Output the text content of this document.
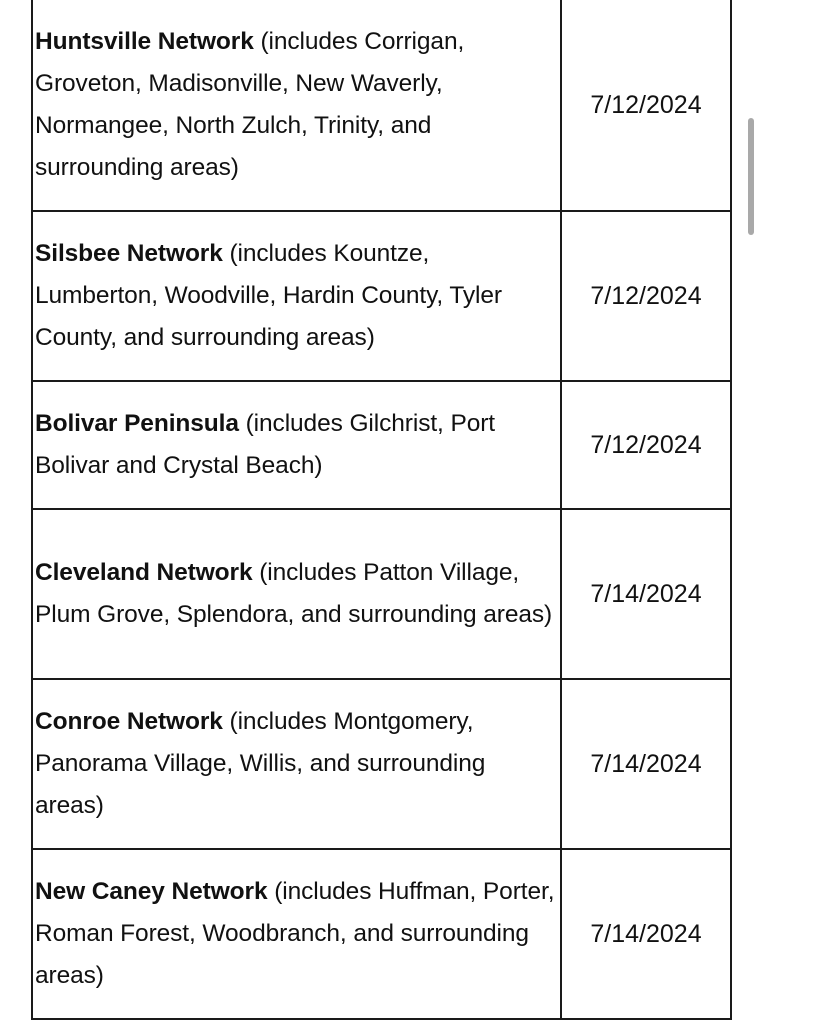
Huntsville Network (includes Corrigan, Groveton, Madisonville, New Waverly, Normangee, North Zulch, Trinity, and surrounding areas)	7/12/2024
Silsbee Network (includes Kountze, Lumberton, Woodville, Hardin County, Tyler County, and surrounding areas)	7/12/2024
Bolivar Peninsula (includes Gilchrist, Port Bolivar and Crystal Beach)	7/12/2024
Cleveland Network (includes Patton Village, Plum Grove, Splendora, and surrounding areas)	7/14/2024
Conroe Network (includes Montgomery, Panorama Village, Willis, and surrounding areas)	7/14/2024
New Caney Network (includes Huffman, Porter, Roman Forest, Woodbranch, and surrounding areas)	7/14/2024
